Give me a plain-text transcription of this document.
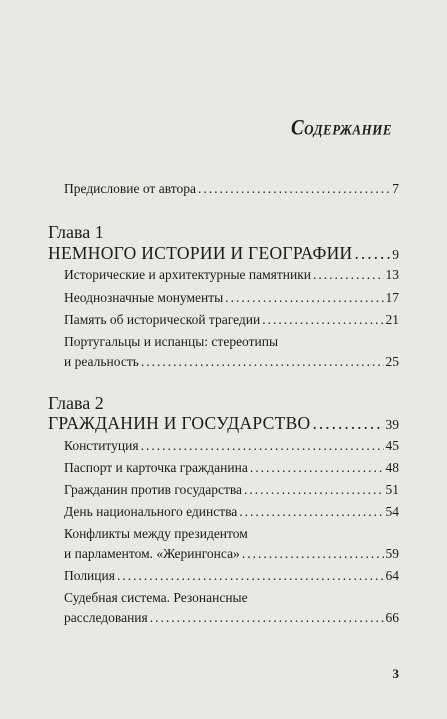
Содержание
Предисловие от автора .....	7
Глава 1
НЕМНОГО ИСТОРИИ И ГЕОГРАФИИ .....	9
Исторические и архитектурные памятники .....	13
Неоднозначные монументы .....	17
Память об исторической трагедии .....	21
Португальцы и испанцы: стереотипы
и реальность .....	25
Глава 2
ГРАЖДАНИН И ГОСУДАРСТВО .....	39
Конституция .....	45
Паспорт и карточка гражданина .....	48
Гражданин против государства .....	51
День национального единства .....	54
Конфликты между президентом
и парламентом. «Жерингонса» .....	59
Полиция .....	64
Судебная система. Резонансные
расследования .....	66
3
